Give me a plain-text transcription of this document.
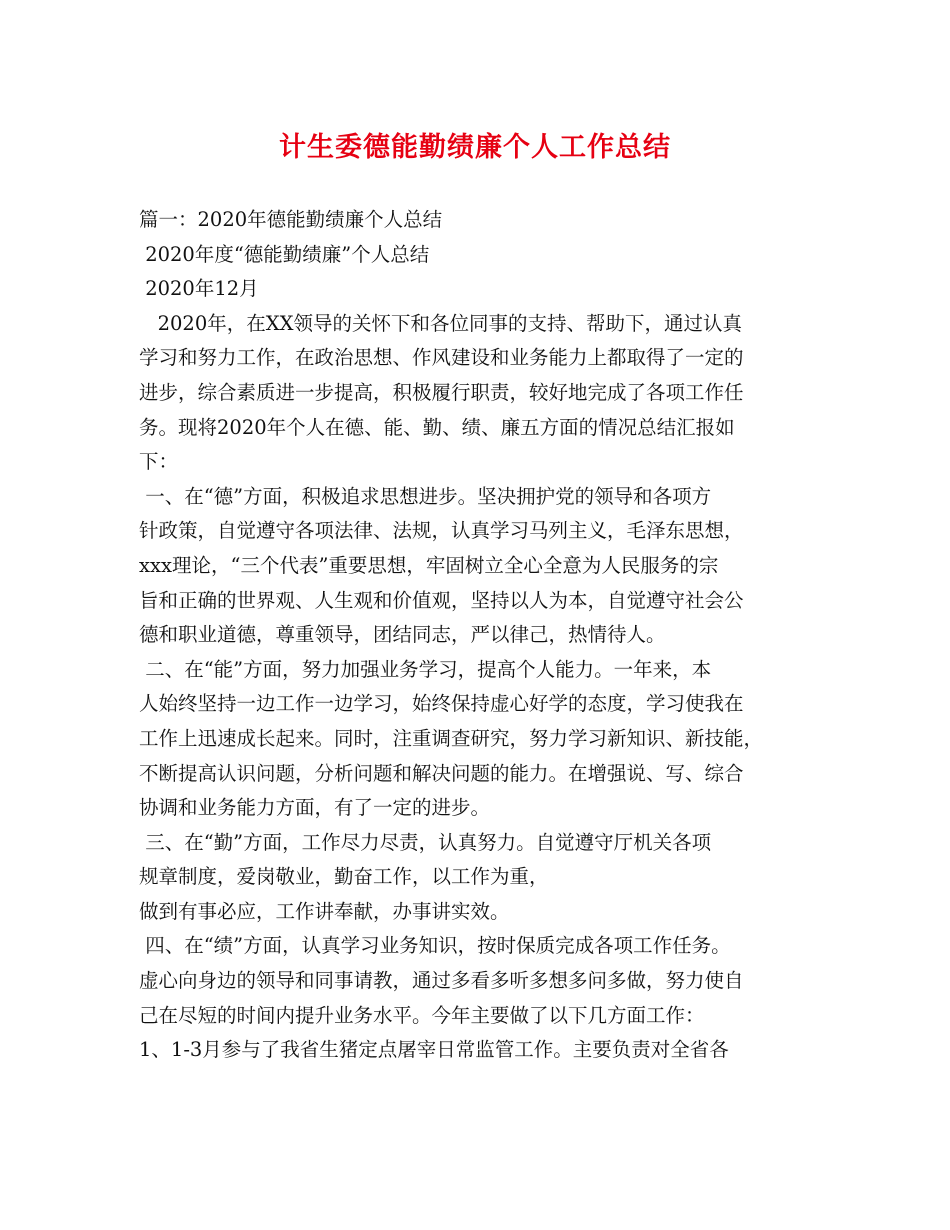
计生委德能勤绩廉个人工作总结
篇一：2020年德能勤绩廉个人总结
2020年度“德能勤绩廉”个人总结
2020年12月
2020年，在XX领导的关怀下和各位同事的支持、帮助下，通过认真
学习和努力工作，在政治思想、作风建设和业务能力上都取得了一定的
进步，综合素质进一步提高，积极履行职责，较好地完成了各项工作任
务。现将2020年个人在德、能、勤、绩、廉五方面的情况总结汇报如
下：
一、在“德”方面，积极追求思想进步。坚决拥护党的领导和各项方
针政策，自觉遵守各项法律、法规，认真学习马列主义，毛泽东思想，
xxx理论，“三个代表”重要思想，牢固树立全心全意为人民服务的宗
旨和正确的世界观、人生观和价值观，坚持以人为本，自觉遵守社会公
德和职业道德，尊重领导，团结同志，严以律己，热情待人。
二、在“能”方面，努力加强业务学习，提高个人能力。一年来，本
人始终坚持一边工作一边学习，始终保持虚心好学的态度，学习使我在
工作上迅速成长起来。同时，注重调查研究，努力学习新知识、新技能，
不断提高认识问题，分析问题和解决问题的能力。在增强说、写、综合
协调和业务能力方面，有了一定的进步。
三、在“勤”方面，工作尽力尽责，认真努力。自觉遵守厅机关各项
规章制度，爱岗敬业，勤奋工作，以工作为重，
做到有事必应，工作讲奉献，办事讲实效。
四、在“绩”方面，认真学习业务知识，按时保质完成各项工作任务。
虚心向身边的领导和同事请教，通过多看多听多想多问多做，努力使自
己在尽短的时间内提升业务水平。今年主要做了以下几方面工作：
1、1-3月参与了我省生猪定点屠宰日常监管工作。主要负责对全省各
